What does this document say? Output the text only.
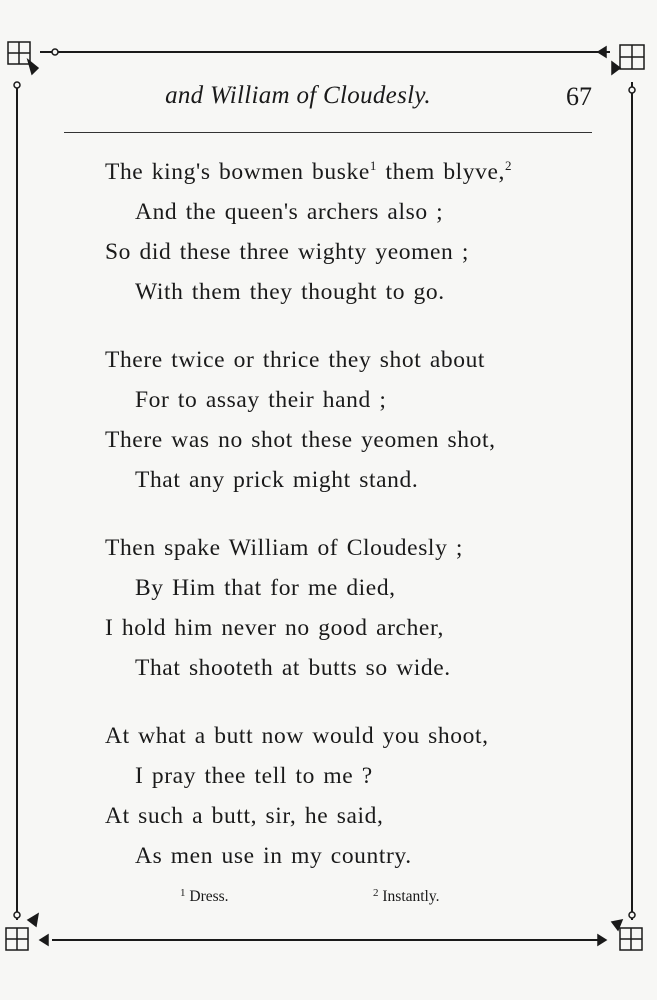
and William of Cloudesly.	67
The king's bowmen buske$^1$ them blyve,$^2$
And the queen's archers also ;
So did these three wighty yeomen ;
With them they thought to go.
There twice or thrice they shot about
For to assay their hand ;
There was no shot these yeomen shot,
That any prick might stand.
Then spake William of Cloudesly ;
By Him that for me died,
I hold him never no good archer,
That shooteth at butts so wide.
At what a butt now would you shoot,
I pray thee tell to me ?
At such a butt, sir, he said,
As men use in my country.
$^1$ Dress.	$^2$ Instantly.
